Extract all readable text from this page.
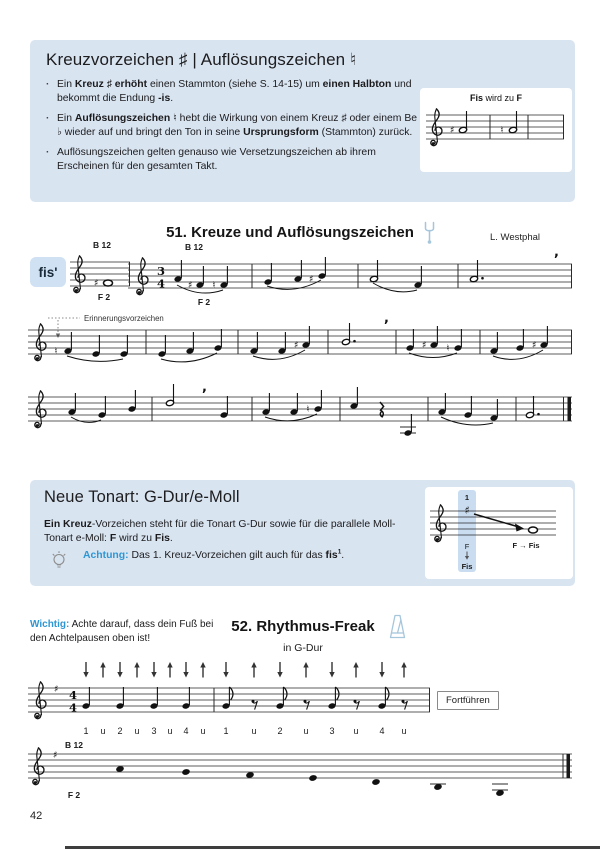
Kreuzvorzeichen ♯ | Auflösungszeichen ♮
· Ein Kreuz ♯ erhöht einen Stammton (siehe S. 14-15) um einen Halbton und bekommt die Endung -is.
· Ein Auflösungszeichen ♮ hebt die Wirkung von einem Kreuz ♯ oder einem Be ♭ wieder auf und bringt den Ton in seine Ursprungsform (Stammton) zurück.
· Auflösungszeichen gelten genauso wie Versetzungszeichen ab ihrem Erscheinen für den gesamten Takt.
Fis wird zu F
♯	♮
51. Kreuze und Auflösungszeichen	L. Westphal
fis'
B 12
♯
F 2
B 12
3
4 ♯ ♮
♯
,
F 2
Erinnerungsvorzeichen
♮
♯
,
♯ ♮	♯
,
♮
Neue Tonart: G-Dur/e-Moll
Ein Kreuz-Vorzeichen steht für die Tonart G-Dur sowie für die parallele Moll-Tonart e-Moll: F wird zu Fis.
Achtung: Das 1. Kreuz-Vorzeichen gilt auch für das fis$^1$.
1
♯
F → Fis
F
Fis
Wichtig: Achte darauf, dass dein Fuß bei den Achtelpausen oben ist!
52. Rhythmus-Freak
in G-Dur
♯ 4
4
1 u 2 u 3 u 4 u 1	u 2 u 3 u 4 u
Fortführen
B 12
♯
F 2
42
